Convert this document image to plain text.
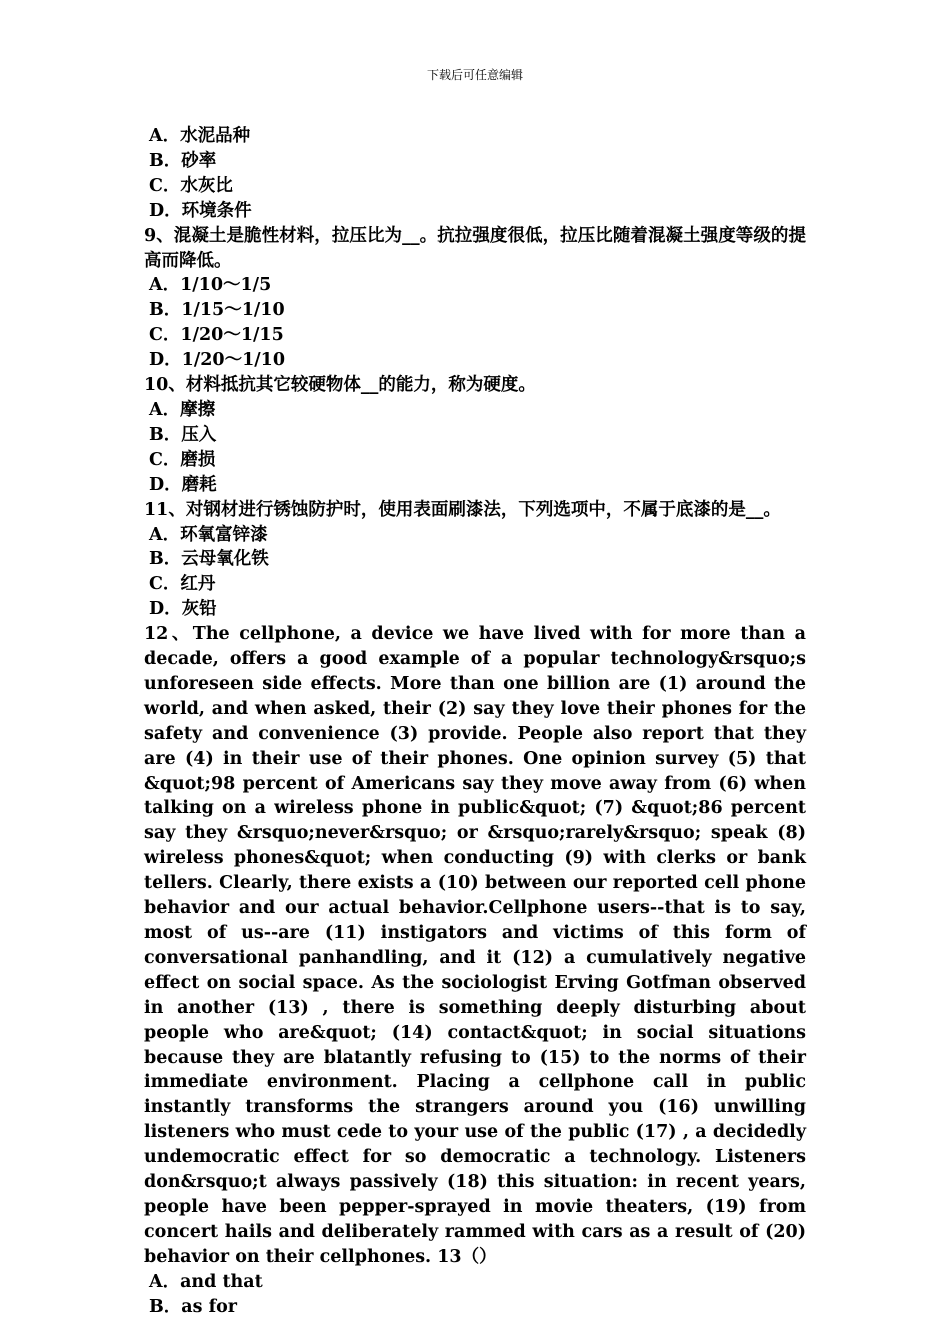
下载后可任意编辑
A．水泥品种
B．砂率
C．水灰比
D．环境条件
9、混凝土是脆性材料，拉压比为__。抗拉强度很低，拉压比随着混凝土强度等级的提高而降低。
A．1/10～1/5
B．1/15～1/10
C．1/20～1/15
D．1/20～1/10
10、材料抵抗其它较硬物体__的能力，称为硬度。
A．摩擦
B．压入
C．磨损
D．磨耗
11、对钢材进行锈蚀防护时，使用表面刷漆法，下列选项中，不属于底漆的是__。
A．环氧富锌漆
B．云母氧化铁
C．红丹
D．灰铅
12、The cellphone, a device we have lived with for more than a decade, offers a good example of a popular technology&rsquo;s unforeseen side effects. More than one billion are (1) around the world, and when asked, their (2) say they love their phones for the safety and convenience (3) provide. People also report that they are (4) in their use of their phones. One opinion survey (5) that &quot;98 percent of Americans say they move away from (6) when talking on a wireless phone in public&quot; (7) &quot;86 percent say they &rsquo;never&rsquo; or &rsquo;rarely&rsquo; speak (8) wireless phones&quot; when conducting (9) with clerks or bank tellers. Clearly, there exists a (10) between our reported cell phone behavior and our actual behavior.Cellphone users--that is to say, most of us--are (11) instigators and victims of this form of conversational panhandling, and it (12) a cumulatively negative effect on social space. As the sociologist Erving Gotfman observed in another (13) , there is something deeply disturbing about people who are&quot; (14) contact&quot; in social situations because they are blatantly refusing to (15) to the norms of their immediate environment. Placing a cellphone call in public instantly transforms the strangers around you (16) unwilling listeners who must cede to your use of the public (17) , a decidedly undemocratic effect for so democratic a technology. Listeners don&rsquo;t always passively (18) this situation: in recent years, people have been pepper-sprayed in movie theaters, (19) from concert hails and deliberately rammed with cars as a result of (20) behavior on their cellphones. 13（）
A．and that
B．as for
